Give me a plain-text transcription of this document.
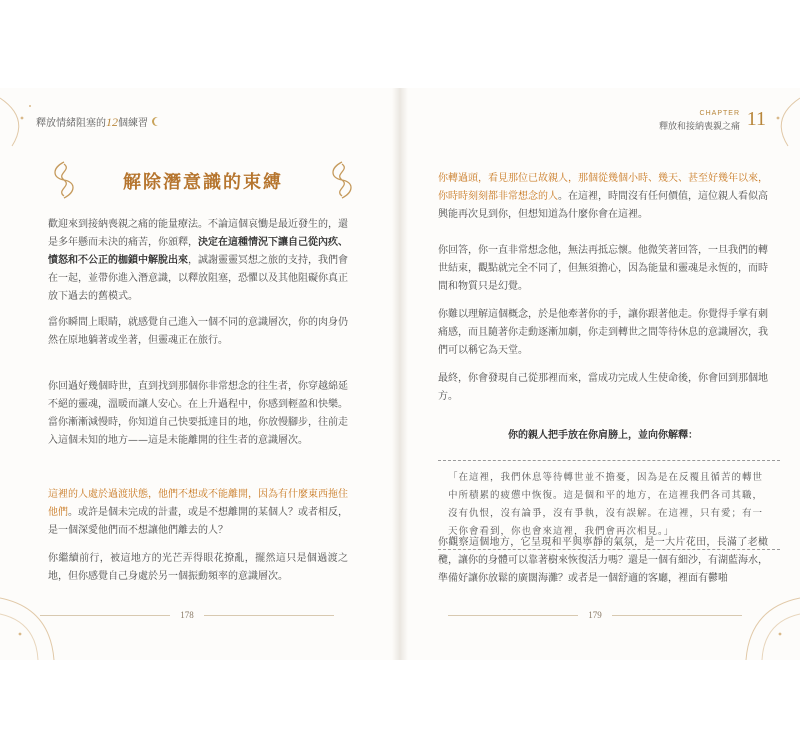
釋放情緒阻塞的12個練習
解除潛意識的束縛
歡迎來到接納喪親之痛的能量療法。不論這個哀慟是最近發生的，還是多年懸而未決的痛苦，你頒釋，決定在這種情況下讓自己從內疚、憤怒和不公正的枷鎖中解脫出來，誠謝靈靈冥想之旅的支持，我們會在一起，並帶你進入潛意識，以釋放阻塞，恐懼以及其他阻礙你真正放下過去的舊模式。
當你瞬間上眼睛，就感覺自己進入一個不同的意識層次，你的肉身仍然在原地躺著或坐著，但靈魂正在旅行。
你回過好幾個時世，直到找到那個你非常想念的往生者，你穿越綿延不絕的靈魂，溫暖而讓人安心。在上升過程中，你感到輕盈和快樂。當你漸漸減慢時，你知道自己快要抵達目的地，你放慢腳步，往前走入這個未知的地方——這是未能離開的往生者的意識層次。
這裡的人處於過渡狀態，他們不想或不能離開，因為有什麼東西拖住他們。或許是個未完成的計畫，或是不想離開的某個人？或者相反，是一個深愛他們而不想讓他們離去的人？
你繼續前行，被這地方的光芒弄得眼花撩亂，擺然這只是個過渡之地，但你感覺自己身處於另一個振動頻率的意識層次。
178
CHAPTER
釋放和接納喪親之痛 11
你轉過頭，看見那位已故親人，那個從幾個小時、幾天、甚至好幾年以來，你時時刻刻都非常想念的人。在這裡，時間沒有任何價值，這位親人看似高興能再次見到你，但想知道為什麼你會在這裡。
你回答，你一直非常想念他，無法再抵忘懷。他微笑著回答，一旦我們的轉世結束，觀點就完全不同了，但無須擔心，因為能量和靈魂是永恆的，而時間和物質只是幻覺。
你難以理解這個概念，於是他牽著你的手，讓你跟著他走。你覺得手掌有刺痛感，而且隨著你走動逐漸加劇，你走到轉世之間等待休息的意識層次，我們可以稱它為天堂。
最終，你會發現自己從那裡而來，當成功完成人生使命後，你會回到那個地方。
你的親人把手放在你肩膀上，並向你解釋：
「在這裡，我們休息等待轉世並不擔憂，因為是在反覆且循苦的轉世中所積累的疲憊中恢復。這是個和平的地方，在這裡我們各司其職，沒有仇恨，沒有論爭，沒有爭執，沒有誤解。在這裡，只有愛；有一天你會看到，你也會來這裡，我們會再次相見。」
你觀察這個地方，它呈現和平與寧靜的氣氛，是一大片花田，長滿了老橄欖，讓你的身體可以靠著樹來恢復活力嗎？還是一個有細沙，有湖藍海水，準備好讓你放鬆的廣闊海灘？或者是一個舒適的客廳，裡面有鬱啪
179
